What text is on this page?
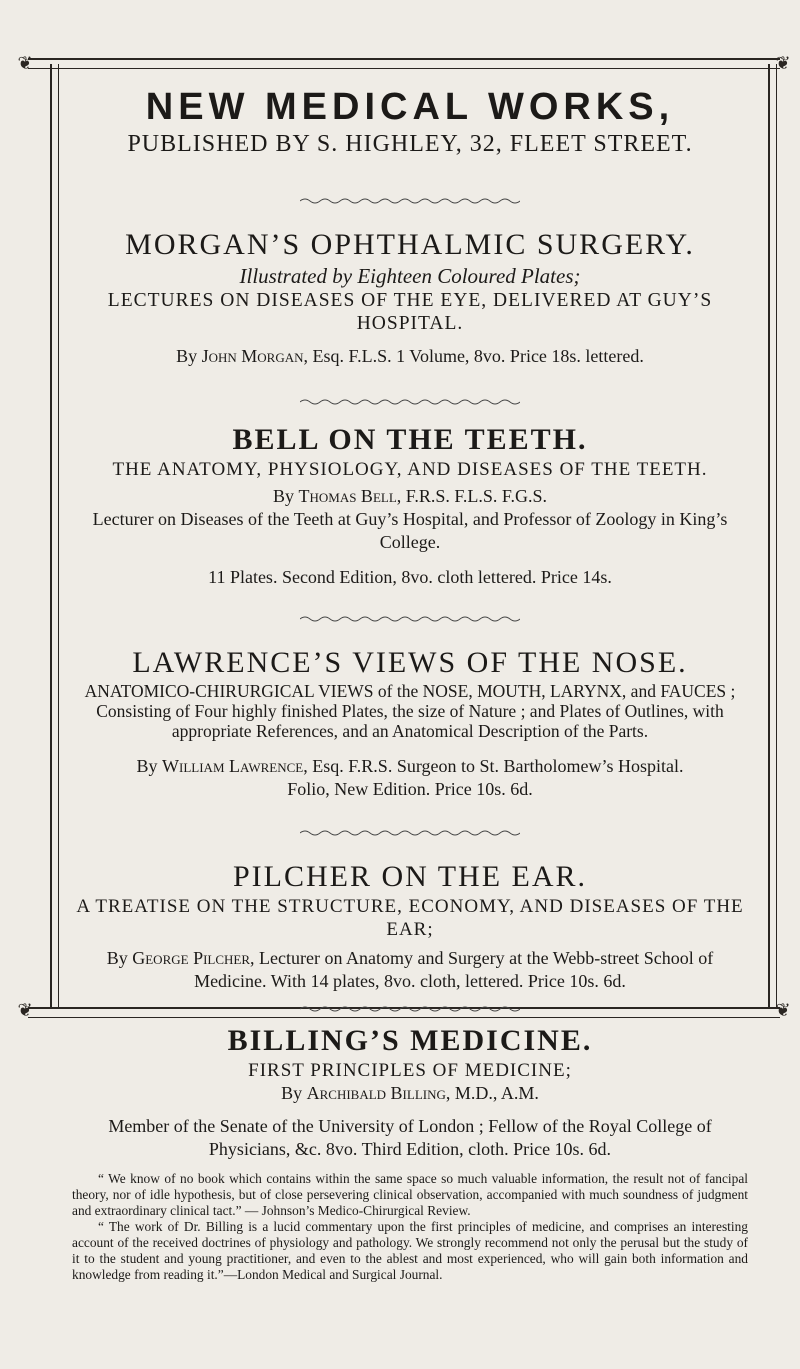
❦	❦
❦	❦

NEW MEDICAL WORKS,

PUBLISHED BY S. HIGHLEY, 32, FLEET STREET.

MORGAN’S OPHTHALMIC SURGERY.

Illustrated by Eighteen Coloured Plates;

LECTURES ON DISEASES OF THE EYE, DELIVERED AT GUY’S HOSPITAL.

By John Morgan, Esq. F.L.S. 1 Volume, 8vo. Price 18s. lettered.

BELL ON THE TEETH.

THE ANATOMY, PHYSIOLOGY, AND DISEASES OF THE TEETH.

By Thomas Bell, F.R.S. F.L.S. F.G.S.

Lecturer on Diseases of the Teeth at Guy’s Hospital, and Professor of Zoology in King’s College.

11 Plates. Second Edition, 8vo. cloth lettered. Price 14s.

LAWRENCE’S VIEWS OF THE NOSE.

ANATOMICO-CHIRURGICAL VIEWS of the NOSE, MOUTH, LARYNX, and FAUCES ; Consisting of Four highly finished Plates, the size of Nature ; and Plates of Outlines, with appropriate References, and an Anatomical Description of the Parts.

By William Lawrence, Esq. F.R.S. Surgeon to St. Bartholomew’s Hospital.

Folio, New Edition. Price 10s. 6d.

PILCHER ON THE EAR.

A TREATISE ON THE STRUCTURE, ECONOMY, AND DISEASES OF THE EAR;

By George Pilcher, Lecturer on Anatomy and Surgery at the Webb-street School of Medicine. With 14 plates, 8vo. cloth, lettered. Price 10s. 6d.

BILLING’S MEDICINE.

FIRST PRINCIPLES OF MEDICINE;

By Archibald Billing, M.D., A.M.

Member of the Senate of the University of London ; Fellow of the Royal College of Physicians, &c. 8vo. Third Edition, cloth. Price 10s. 6d.

“ We know of no book which contains within the same space so much valuable information, the result not of fancipal theory, nor of idle hypothesis, but of close persevering clinical observation, accompanied with much soundness of judgment and extraordinary clinical tact.” — Johnson’s Medico-Chirurgical Review.

“ The work of Dr. Billing is a lucid commentary upon the first principles of medicine, and comprises an interesting account of the received doctrines of physiology and pathology. We strongly recommend not only the perusal but the study of it to the student and young practitioner, and even to the ablest and most experienced, who will gain both information and knowledge from reading it.”—London Medical and Surgical Journal.
